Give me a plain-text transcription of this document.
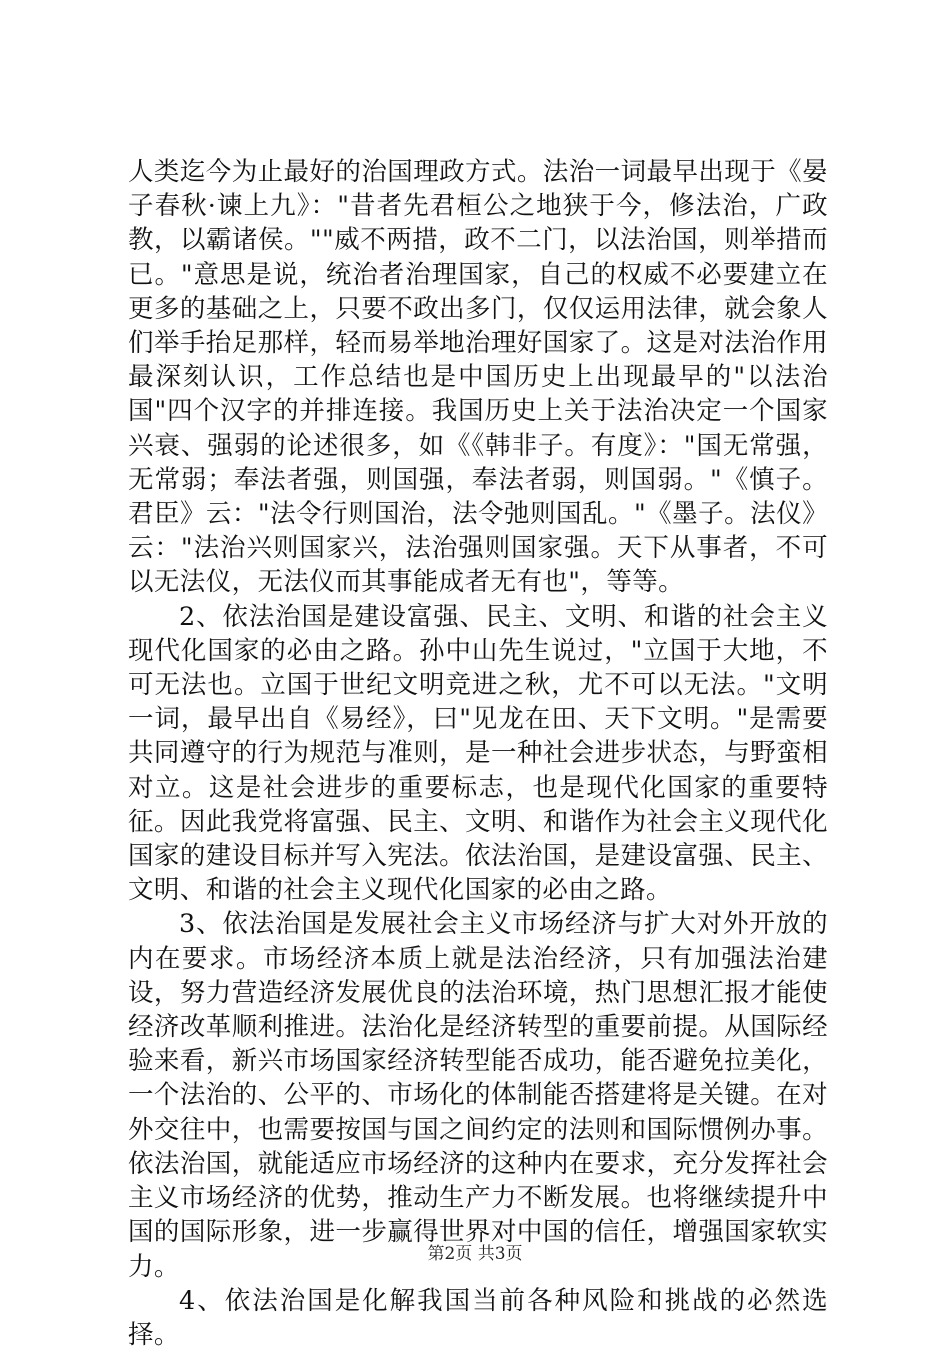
人类迄今为止最好的治国理政方式。法治一词最早出现于《晏子春秋·谏上九》："昔者先君桓公之地狭于今，修法治，广政教，以霸诸侯。""威不两措，政不二门，以法治国，则举措而已。"意思是说，统治者治理国家，自己的权威不必要建立在更多的基础之上，只要不政出多门，仅仅运用法律，就会象人们举手抬足那样，轻而易举地治理好国家了。这是对法治作用最深刻认识，工作总结也是中国历史上出现最早的"以法治国"四个汉字的并排连接。我国历史上关于法治决定一个国家兴衰、强弱的论述很多，如《《韩非子。有度》："国无常强，无常弱；奉法者强，则国强，奉法者弱，则国弱。"《慎子。君臣》云："法令行则国治，法令弛则国乱。"《墨子。法仪》云："法治兴则国家兴，法治强则国家强。天下从事者，不可以无法仪，无法仪而其事能成者无有也"，等等。

2、依法治国是建设富强、民主、文明、和谐的社会主义现代化国家的必由之路。孙中山先生说过，"立国于大地，不可无法也。立国于世纪文明竞进之秋，尤不可以无法。"文明一词，最早出自《易经》，曰"见龙在田、天下文明。"是需要共同遵守的行为规范与准则，是一种社会进步状态，与野蛮相对立。这是社会进步的重要标志，也是现代化国家的重要特征。因此我党将富强、民主、文明、和谐作为社会主义现代化国家的建设目标并写入宪法。依法治国，是建设富强、民主、文明、和谐的社会主义现代化国家的必由之路。

3、依法治国是发展社会主义市场经济与扩大对外开放的内在要求。市场经济本质上就是法治经济，只有加强法治建设，努力营造经济发展优良的法治环境，热门思想汇报才能使经济改革顺利推进。法治化是经济转型的重要前提。从国际经验来看，新兴市场国家经济转型能否成功，能否避免拉美化，一个法治的、公平的、市场化的体制能否搭建将是关键。在对外交往中，也需要按国与国之间约定的法则和国际惯例办事。依法治国，就能适应市场经济的这种内在要求，充分发挥社会主义市场经济的优势，推动生产力不断发展。也将继续提升中国的国际形象，进一步赢得世界对中国的信任，增强国家软实力。

4、依法治国是化解我国当前各种风险和挑战的必然选择。

第2页 共3页
